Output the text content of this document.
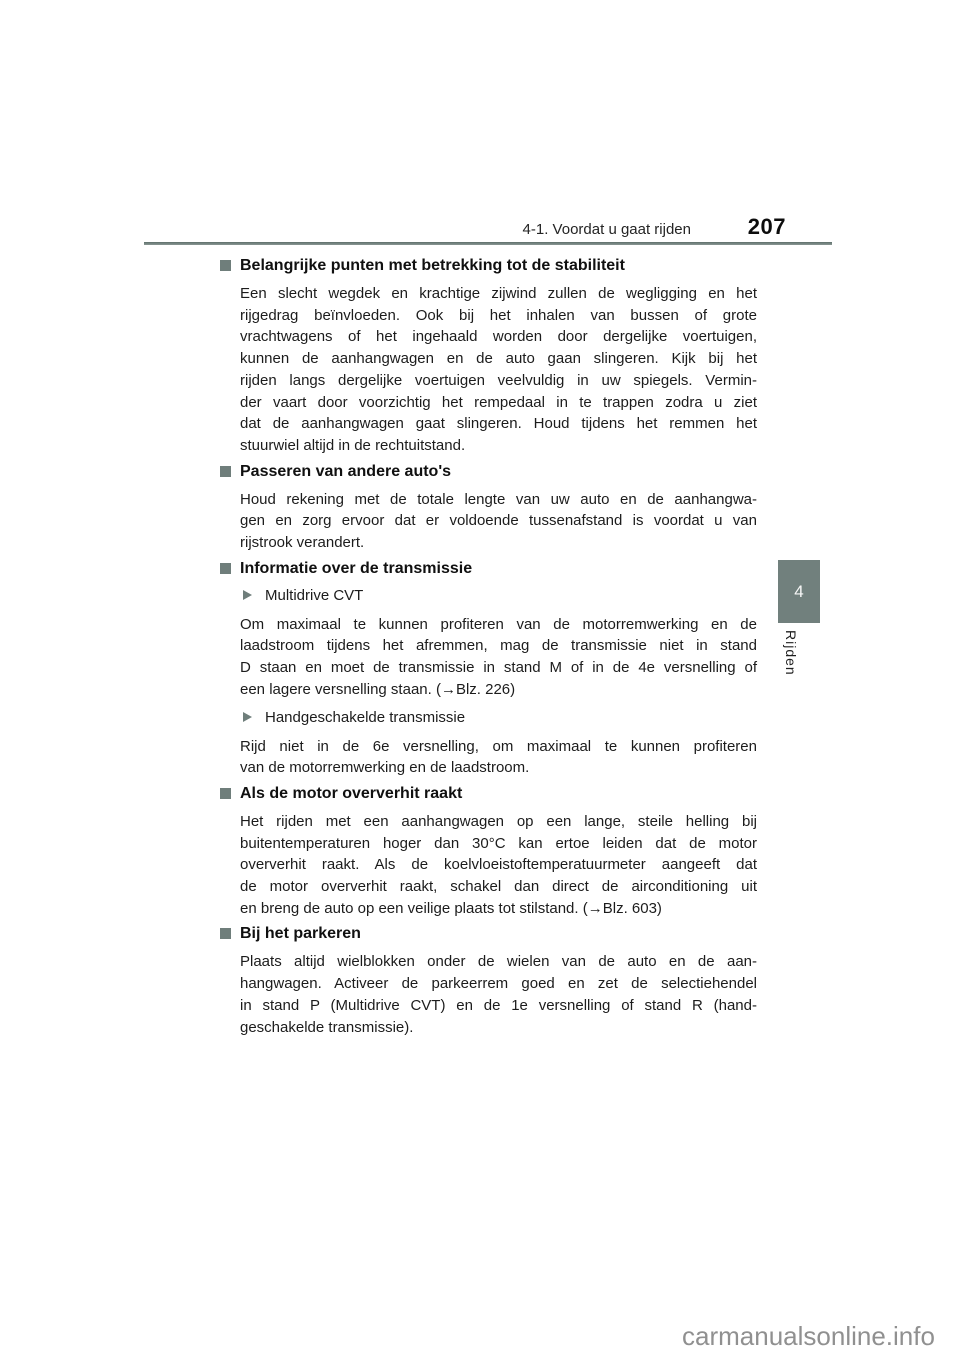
4-1. Voordat u gaat rijden	207
Belangrijke punten met betrekking tot de stabiliteit
Een slecht wegdek en krachtige zijwind zullen de wegligging en het
rijgedrag beïnvloeden. Ook bij het inhalen van bussen of grote
vrachtwagens of het ingehaald worden door dergelijke voertuigen,
kunnen de aanhangwagen en de auto gaan slingeren. Kijk bij het
rijden langs dergelijke voertuigen veelvuldig in uw spiegels. Vermin-
der vaart door voorzichtig het rempedaal in te trappen zodra u ziet
dat de aanhangwagen gaat slingeren. Houd tijdens het remmen het
stuurwiel altijd in de rechtuitstand.
Passeren van andere auto's
Houd rekening met de totale lengte van uw auto en de aanhangwa-
gen en zorg ervoor dat er voldoende tussenafstand is voordat u van
rijstrook verandert.
Informatie over de transmissie
Multidrive CVT
Om maximaal te kunnen profiteren van de motorremwerking en de
laadstroom tijdens het afremmen, mag de transmissie niet in stand
D staan en moet de transmissie in stand M of in de 4e versnelling of
een lagere versnelling staan. (→Blz. 226)
Handgeschakelde transmissie
Rijd niet in de 6e versnelling, om maximaal te kunnen profiteren
van de motorremwerking en de laadstroom.
Als de motor oververhit raakt
Het rijden met een aanhangwagen op een lange, steile helling bij
buitentemperaturen hoger dan 30°C kan ertoe leiden dat de motor
oververhit raakt. Als de koelvloeistoftemperatuurmeter aangeeft dat
de motor oververhit raakt, schakel dan direct de airconditioning uit
en breng de auto op een veilige plaats tot stilstand. (→Blz. 603)
Bij het parkeren
Plaats altijd wielblokken onder de wielen van de auto en de aan-
hangwagen. Activeer de parkeerrem goed en zet de selectiehendel
in stand P (Multidrive CVT) en de 1e versnelling of stand R (hand-
geschakelde transmissie).
4
Rijden
carmanualsonline.info
